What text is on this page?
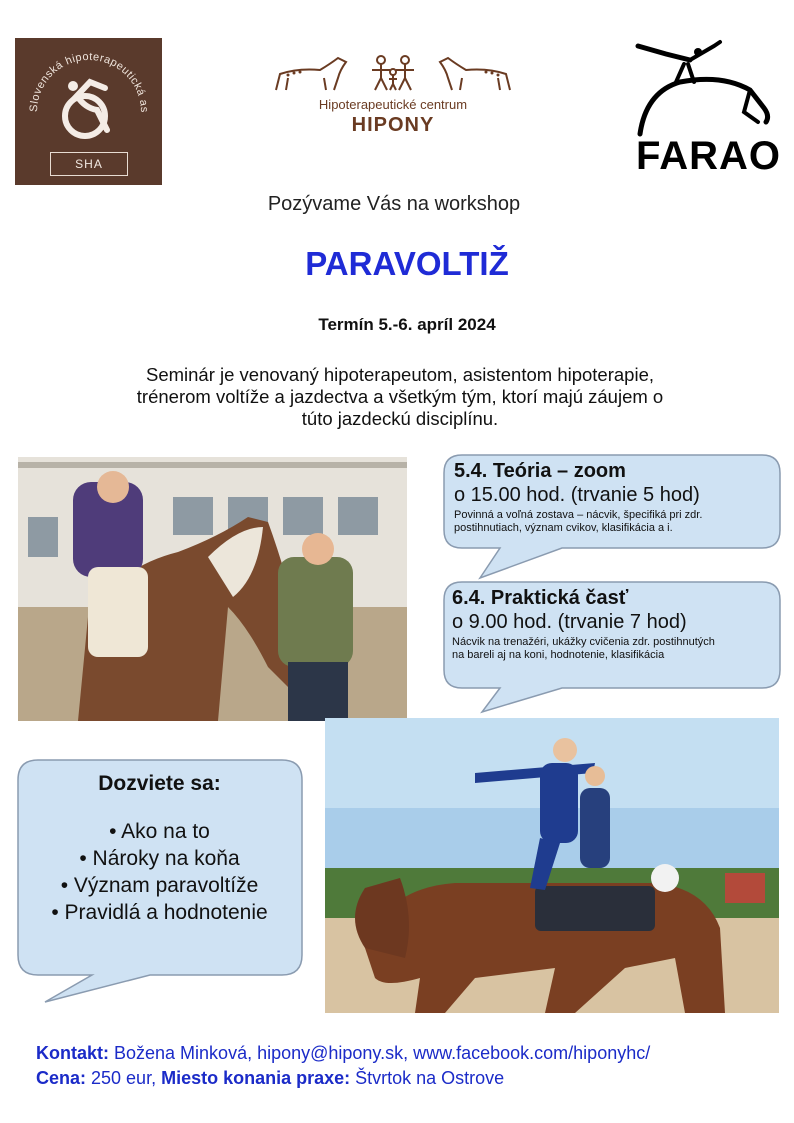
Slovenská hipoterapeutická as
SHA
Hipoterapeutické centrum
HIPONY
FARAO
Pozývame Vás na workshop
PARAVOLTIŽ
Termín 5.-6. apríl 2024
Seminár je venovaný hipoterapeutom, asistentom hipoterapie,
trénerom voltíže a jazdectva a všetkým tým, ktorí majú záujem o
túto jazdeckú disciplínu.
5.4. Teória – zoom
o 15.00 hod. (trvanie 5 hod)
Povinná a voľná zostava – nácvik, špecifiká pri zdr.
postihnutiach, význam cvikov, klasifikácia a i.
6.4. Praktická časť
o 9.00 hod. (trvanie 7 hod)
Nácvik na trenažéri, ukážky cvičenia zdr. postihnutých
na bareli aj na koni, hodnotenie, klasifikácia
Dozviete sa:
• Ako na to
• Nároky na koňa
• Význam paravoltíže
• Pravidlá a hodnotenie
Kontakt: Božena Minková, hipony@hipony.sk, www.facebook.com/hiponyhc/
Cena: 250 eur, Miesto konania praxe: Štvrtok na Ostrove
